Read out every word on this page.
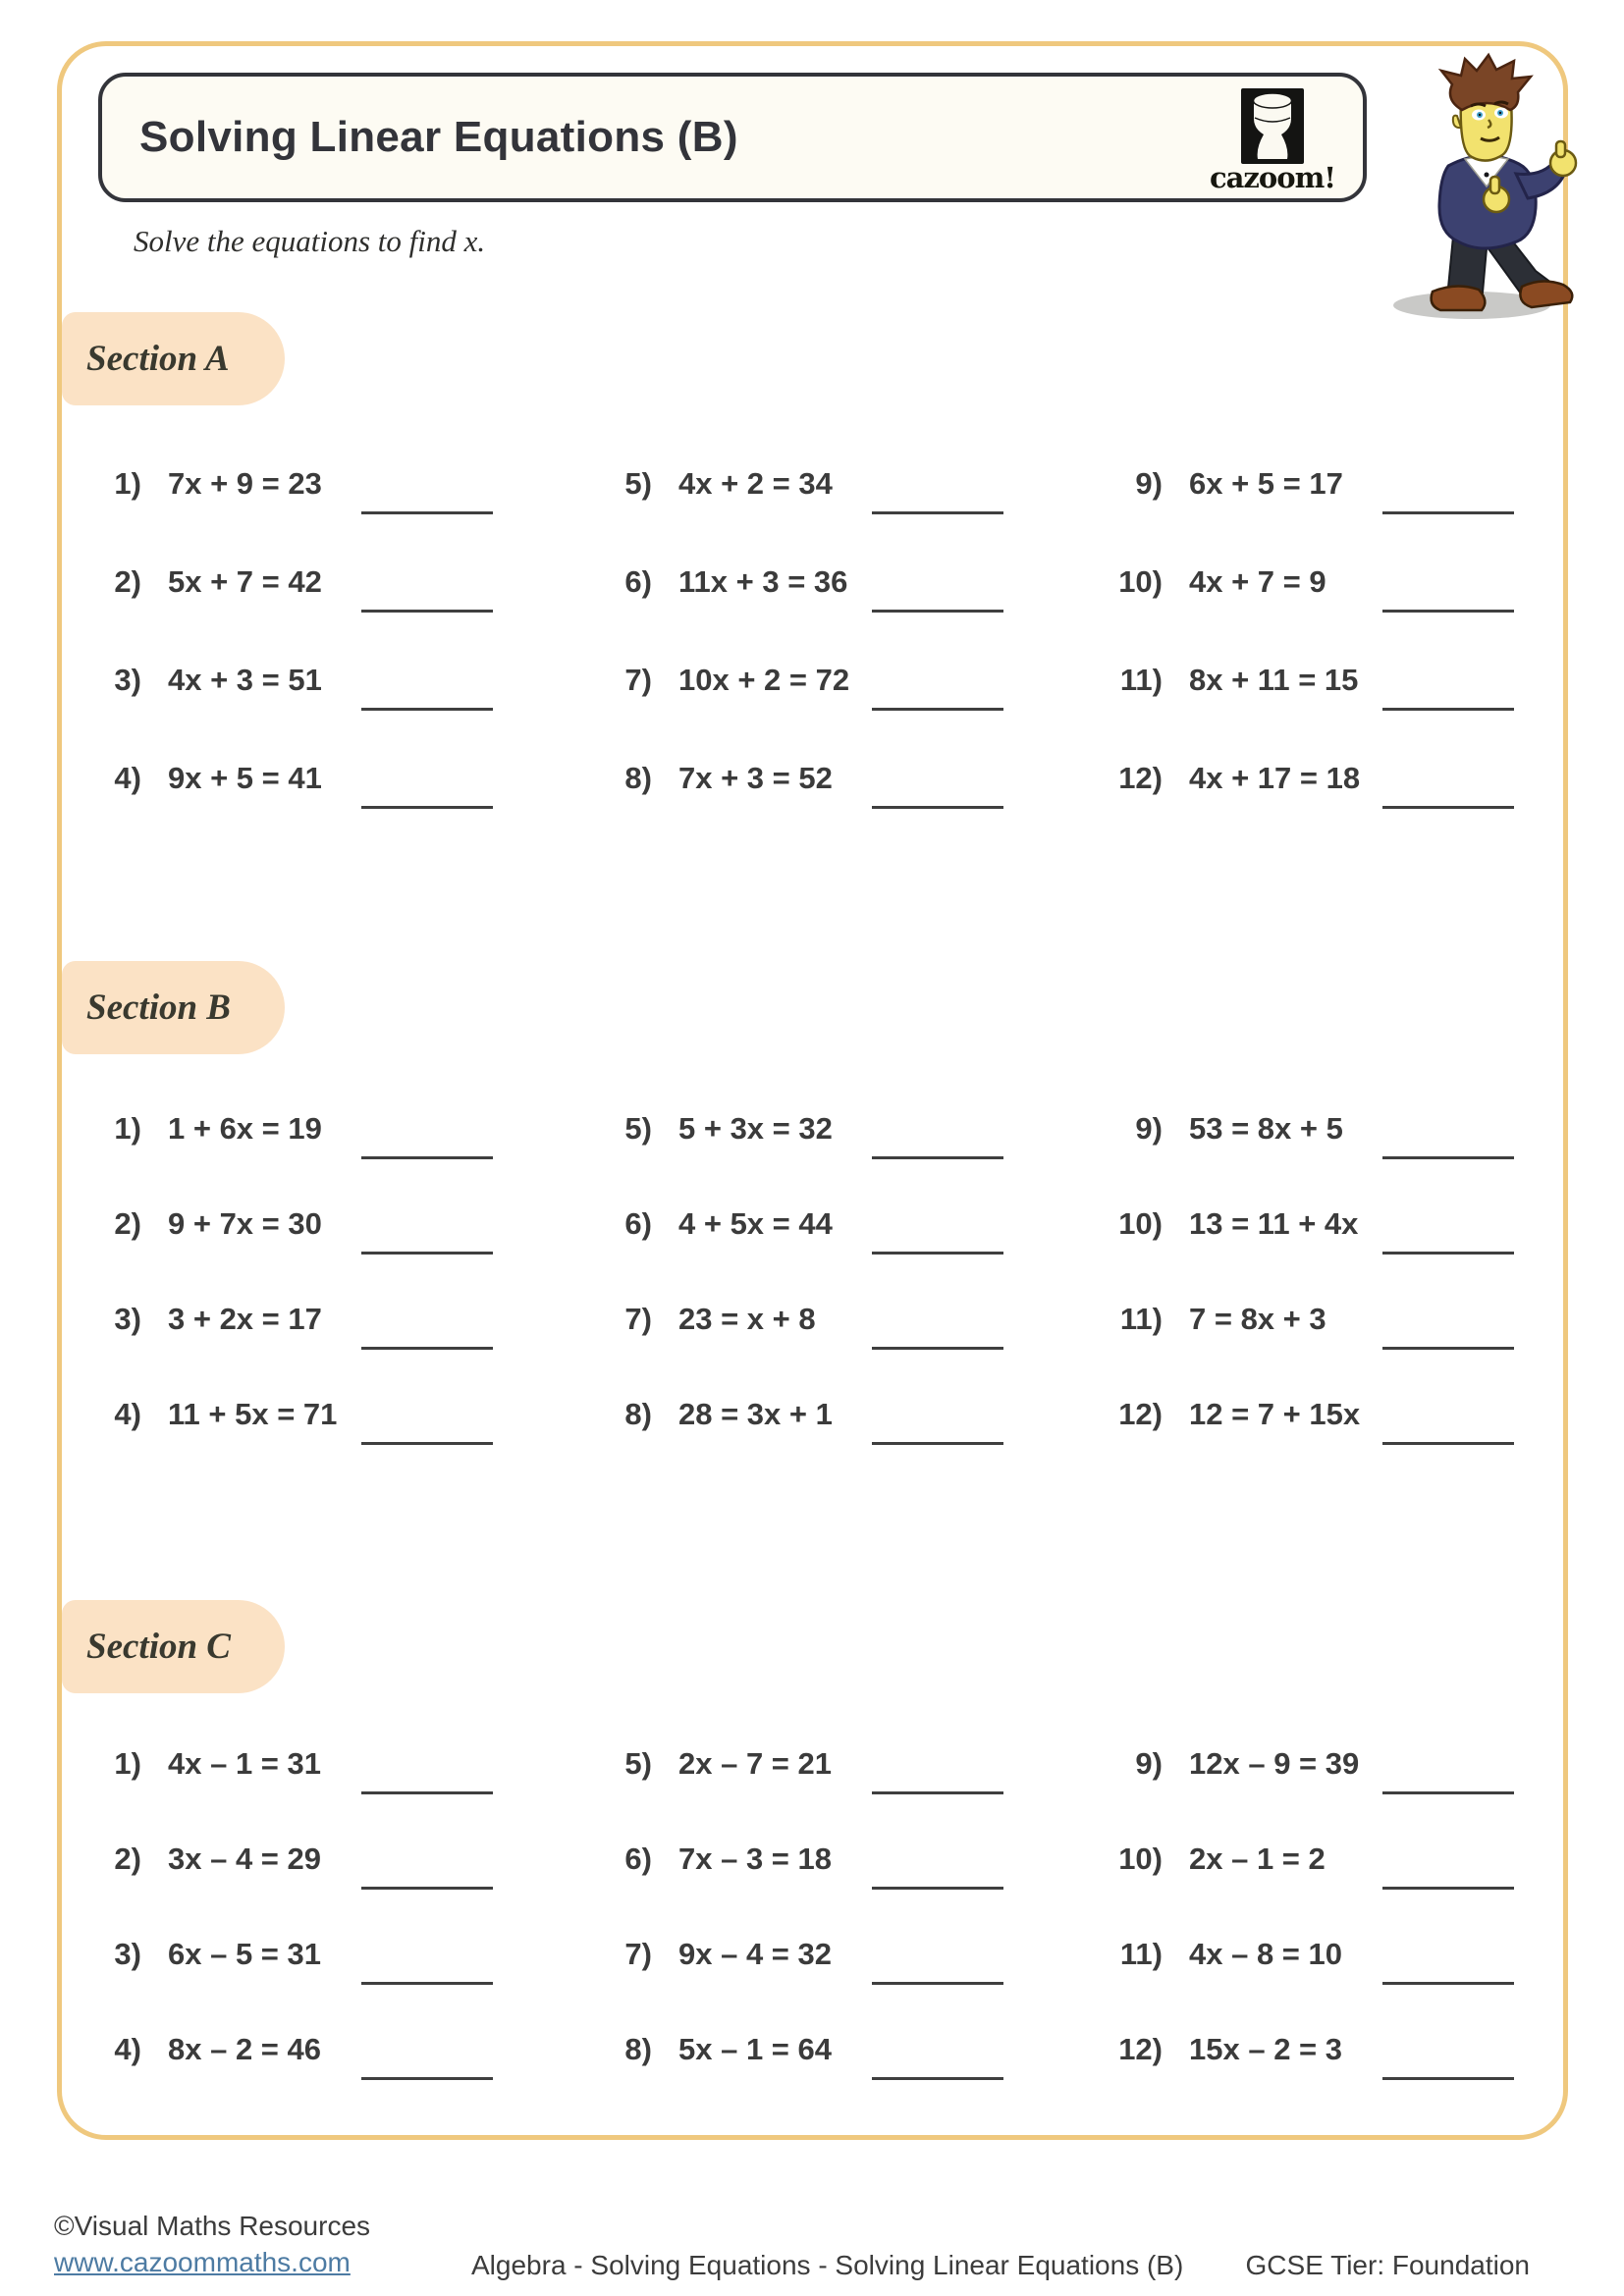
Solving Linear Equations (B)
cazoom!
Solve the equations to find x.
Section A
1) 7x + 9 = 23
2) 5x + 7 = 42
3) 4x + 3 = 51
4) 9x + 5 = 41
5) 4x + 2 = 34
6) 11x + 3 = 36
7) 10x + 2 = 72
8) 7x + 3 = 52
9) 6x + 5 = 17
10) 4x + 7 = 9
11) 8x + 11 = 15
12) 4x + 17 = 18
Section B
1) 1 + 6x = 19
2) 9 + 7x = 30
3) 3 + 2x = 17
4) 11 + 5x = 71
5) 5 + 3x = 32
6) 4 + 5x = 44
7) 23 = x + 8
8) 28 = 3x + 1
9) 53 = 8x + 5
10) 13 = 11 + 4x
11) 7 = 8x + 3
12) 12 = 7 + 15x
Section C
1) 4x – 1 = 31
2) 3x – 4 = 29
3) 6x – 5 = 31
4) 8x – 2 = 46
5) 2x – 7 = 21
6) 7x – 3 = 18
7) 9x – 4 = 32
8) 5x – 1 = 64
9) 12x – 9 = 39
10) 2x – 1 = 2
11) 4x – 8 = 10
12) 15x – 2 = 3
©Visual Maths Resources
www.cazoommaths.com	Algebra - Solving Equations - Solving Linear Equations (B) GCSE Tier: Foundation
